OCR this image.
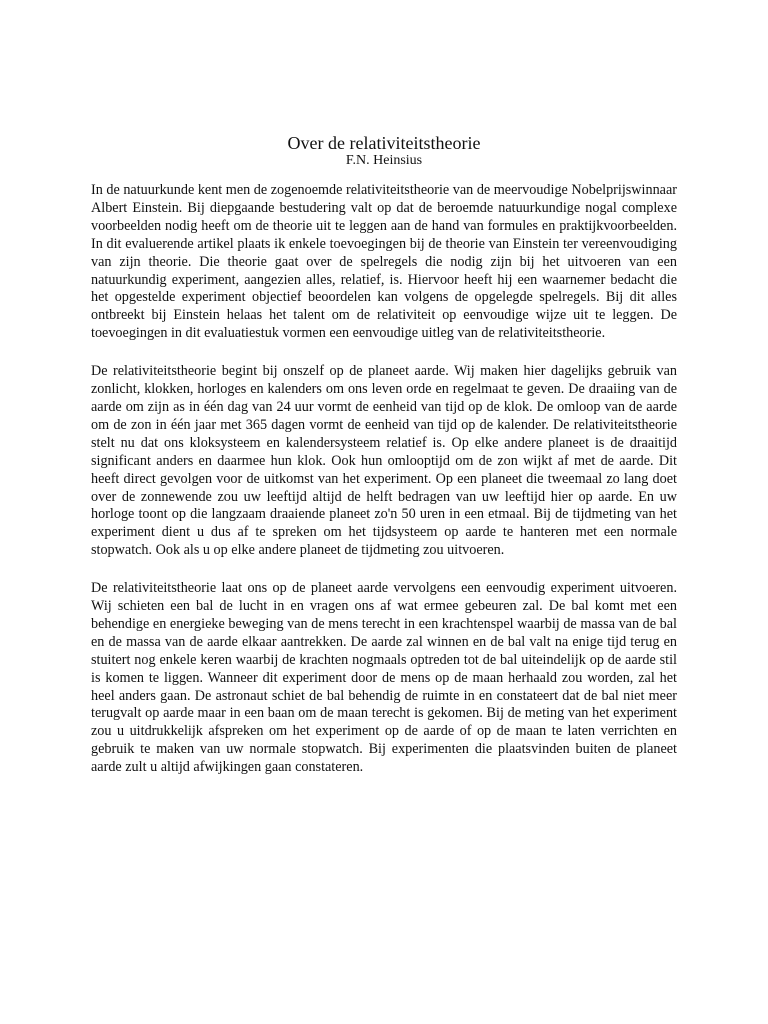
Over de relativiteitstheorie
F.N. Heinsius

In de natuurkunde kent men de zogenoemde relativiteitstheorie van de meervoudige Nobelprijswinnaar Albert Einstein. Bij diepgaande bestudering valt op dat de beroemde natuurkundige nogal complexe voorbeelden nodig heeft om de theorie uit te leggen aan de hand van formules en praktijkvoorbeelden. In dit evaluerende artikel plaats ik enkele toevoegingen bij de theorie van Einstein ter vereenvoudiging van zijn theorie. Die theorie gaat over de spelregels die nodig zijn bij het uitvoeren van een natuurkundig experiment, aangezien alles, relatief, is. Hiervoor heeft hij een waarnemer bedacht die het opgestelde experiment objectief beoordelen kan volgens de opgelegde spelregels. Bij dit alles ontbreekt bij Einstein helaas het talent om de relativiteit op eenvoudige wijze uit te leggen. De toevoegingen in dit evaluatiestuk vormen een eenvoudige uitleg van de relativiteitstheorie.

De relativiteitstheorie begint bij onszelf op de planeet aarde. Wij maken hier dagelijks gebruik van zonlicht, klokken, horloges en kalenders om ons leven orde en regelmaat te geven. De draaiing van de aarde om zijn as in één dag van 24 uur vormt de eenheid van tijd op de klok. De omloop van de aarde om de zon in één jaar met 365 dagen vormt de eenheid van tijd op de kalender. De relativiteitstheorie stelt nu dat ons kloksysteem en kalendersysteem relatief is. Op elke andere planeet is de draaitijd significant anders en daarmee hun klok. Ook hun omlooptijd om de zon wijkt af met de aarde. Dit heeft direct gevolgen voor de uitkomst van het experiment. Op een planeet die tweemaal zo lang doet over de zonnewende zou uw leeftijd altijd de helft bedragen van uw leeftijd hier op aarde. En uw horloge toont op die langzaam draaiende planeet zo'n 50 uren in een etmaal. Bij de tijdmeting van het experiment dient u dus af te spreken om het tijdsysteem op aarde te hanteren met een normale stopwatch. Ook als u op elke andere planeet de tijdmeting zou uitvoeren.

De relativiteitstheorie laat ons op de planeet aarde vervolgens een eenvoudig experiment uitvoeren. Wij schieten een bal de lucht in en vragen ons af wat ermee gebeuren zal. De bal komt met een behendige en energieke beweging van de mens terecht in een krachtenspel waarbij de massa van de bal en de massa van de aarde elkaar aantrekken. De aarde zal winnen en de bal valt na enige tijd terug en stuitert nog enkele keren waarbij de krachten nogmaals optreden tot de bal uiteindelijk op de aarde stil is komen te liggen. Wanneer dit experiment door de mens op de maan herhaald zou worden, zal het heel anders gaan. De astronaut schiet de bal behendig de ruimte in en constateert dat de bal niet meer terugvalt op aarde maar in een baan om de maan terecht is gekomen. Bij de meting van het experiment zou u uitdrukkelijk afspreken om het experiment op de aarde of op de maan te laten verrichten en gebruik te maken van uw normale stopwatch. Bij experimenten die plaatsvinden buiten de planeet aarde zult u altijd afwijkingen gaan constateren.
